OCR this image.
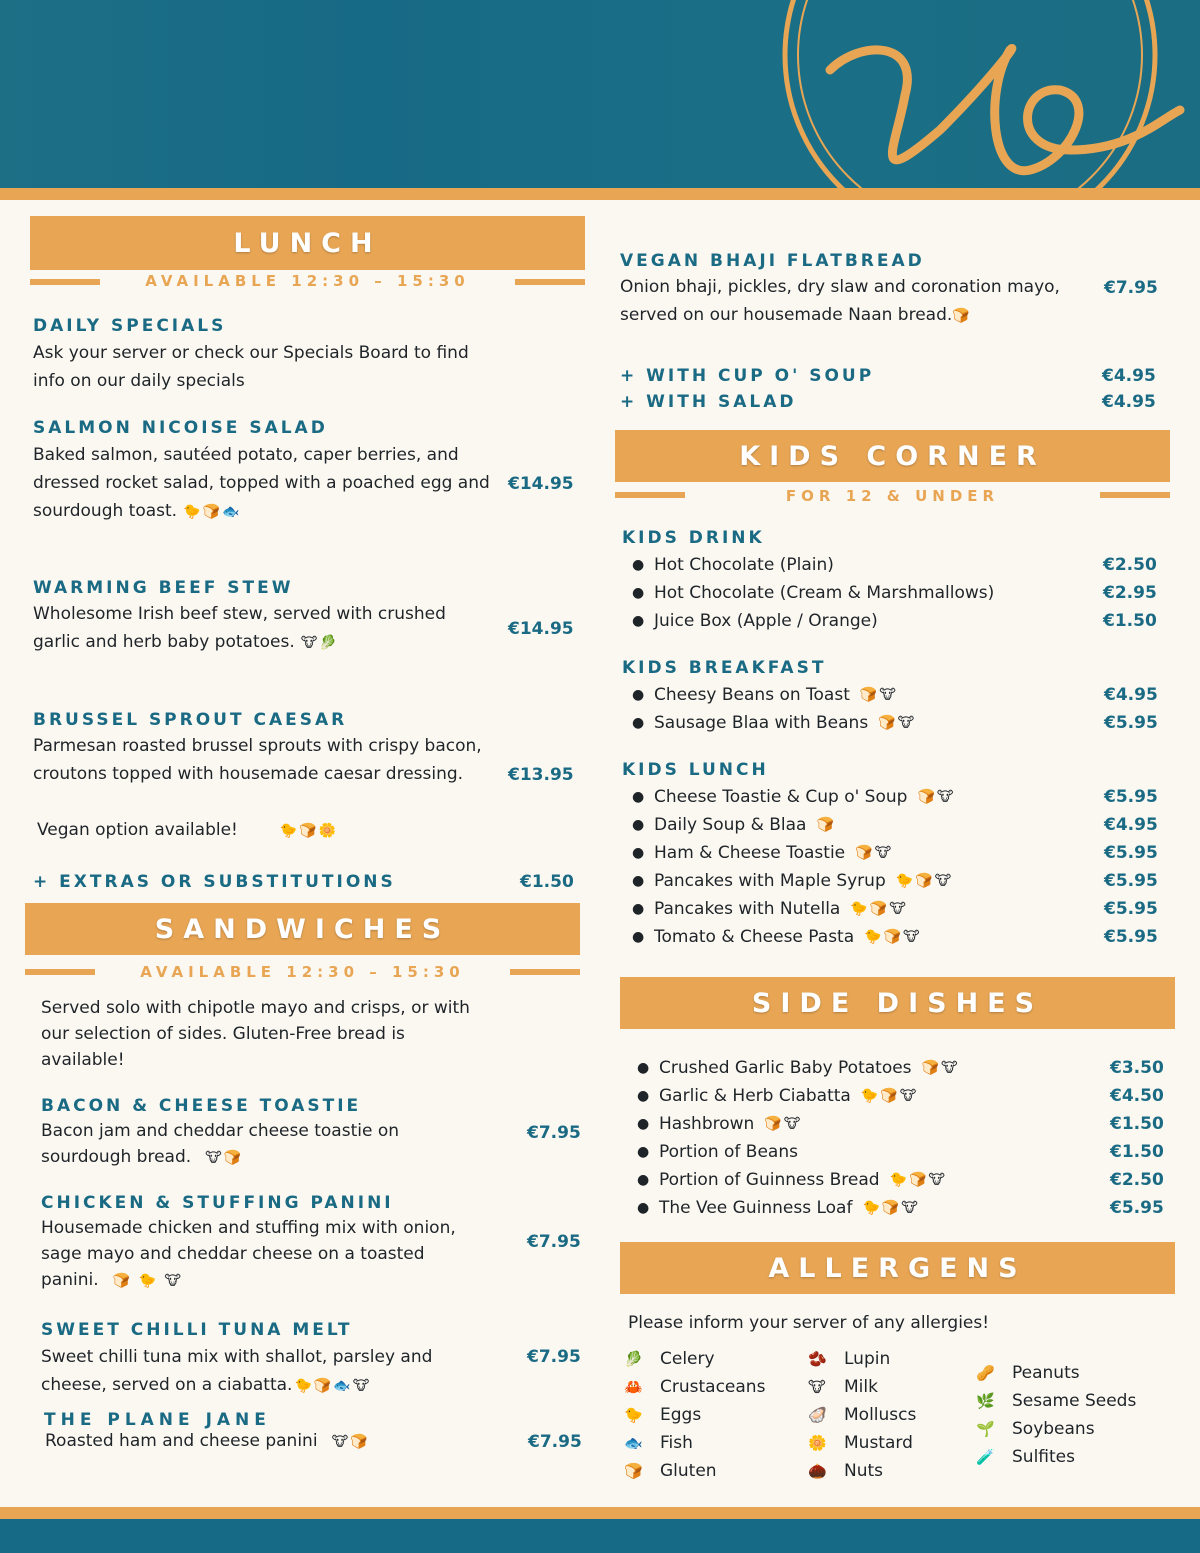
LUNCH
AVAILABLE 12:30 – 15:30
DAILY SPECIALS
Ask your server or check our Specials Board to find info on our daily specials
SALMON NICOISE SALAD
Baked salmon, sautéed potato, caper berries, and dressed rocket salad, topped with a poached egg and sourdough toast. 🐤🍞🐟
€14.95
WARMING BEEF STEW
Wholesome Irish beef stew, served with crushed garlic and herb baby potatoes. 🐮🥬
€14.95
BRUSSEL SPROUT CAESAR
Parmesan roasted brussel sprouts with crispy bacon, croutons topped with housemade caesar dressing.
Vegan option available!	🐤🍞🌼
€13.95
+ EXTRAS OR SUBSTITUTIONS	€1.50
SANDWICHES
AVAILABLE 12:30 – 15:30
Served solo with chipotle mayo and crisps, or with our selection of sides. Gluten-Free bread is available!
BACON & CHEESE TOASTIE
Bacon jam and cheddar cheese toastie on sourdough bread. 🐮🍞
€7.95
CHICKEN & STUFFING PANINI
Housemade chicken and stuffing mix with onion, sage mayo and cheddar cheese on a toasted panini. 🍞 🐤 🐮
€7.95
SWEET CHILLI TUNA MELT
Sweet chilli tuna mix with shallot, parsley and cheese, served on a ciabatta. 🐤🍞🐟🐮
€7.95
THE PLANE JANE
Roasted ham and cheese panini 🐮🍞	€7.95
VEGAN BHAJI FLATBREAD
Onion bhaji, pickles, dry slaw and coronation mayo, served on our housemade Naan bread.🍞
€7.95
+ WITH CUP O' SOUP	€4.95
+ WITH SALAD	€4.95
KIDS CORNER
FOR 12 & UNDER
KIDS DRINK
● Hot Chocolate (Plain)	€2.50
● Hot Chocolate (Cream & Marshmallows)	€2.95
● Juice Box (Apple / Orange)	€1.50
KIDS BREAKFAST
● Cheesy Beans on Toast 🍞🐮	€4.95
● Sausage Blaa with Beans 🍞🐮	€5.95
KIDS LUNCH
● Cheese Toastie & Cup o' Soup 🍞🐮	€5.95
● Daily Soup & Blaa 🍞	€4.95
● Ham & Cheese Toastie 🍞🐮	€5.95
● Pancakes with Maple Syrup 🐤🍞🐮	€5.95
● Pancakes with Nutella 🐤🍞🐮	€5.95
● Tomato & Cheese Pasta 🐤🍞🐮	€5.95
SIDE DISHES
● Crushed Garlic Baby Potatoes 🍞🐮	€3.50
● Garlic & Herb Ciabatta 🐤🍞🐮	€4.50
● Hashbrown 🍞🐮	€1.50
● Portion of Beans	€1.50
● Portion of Guinness Bread 🐤🍞🐮	€2.50
● The Vee Guinness Loaf 🐤🍞🐮	€5.95
ALLERGENS
Please inform your server of any allergies!
🥬	Celery
🦀	Crustaceans
🐤	Eggs
🐟	Fish
🍞	Gluten
🫘	Lupin
🐮	Milk
🦪	Molluscs
🌼	Mustard
🌰	Nuts
🥜	Peanuts
🌿	Sesame Seeds
🌱	Soybeans
🧪	Sulfites
